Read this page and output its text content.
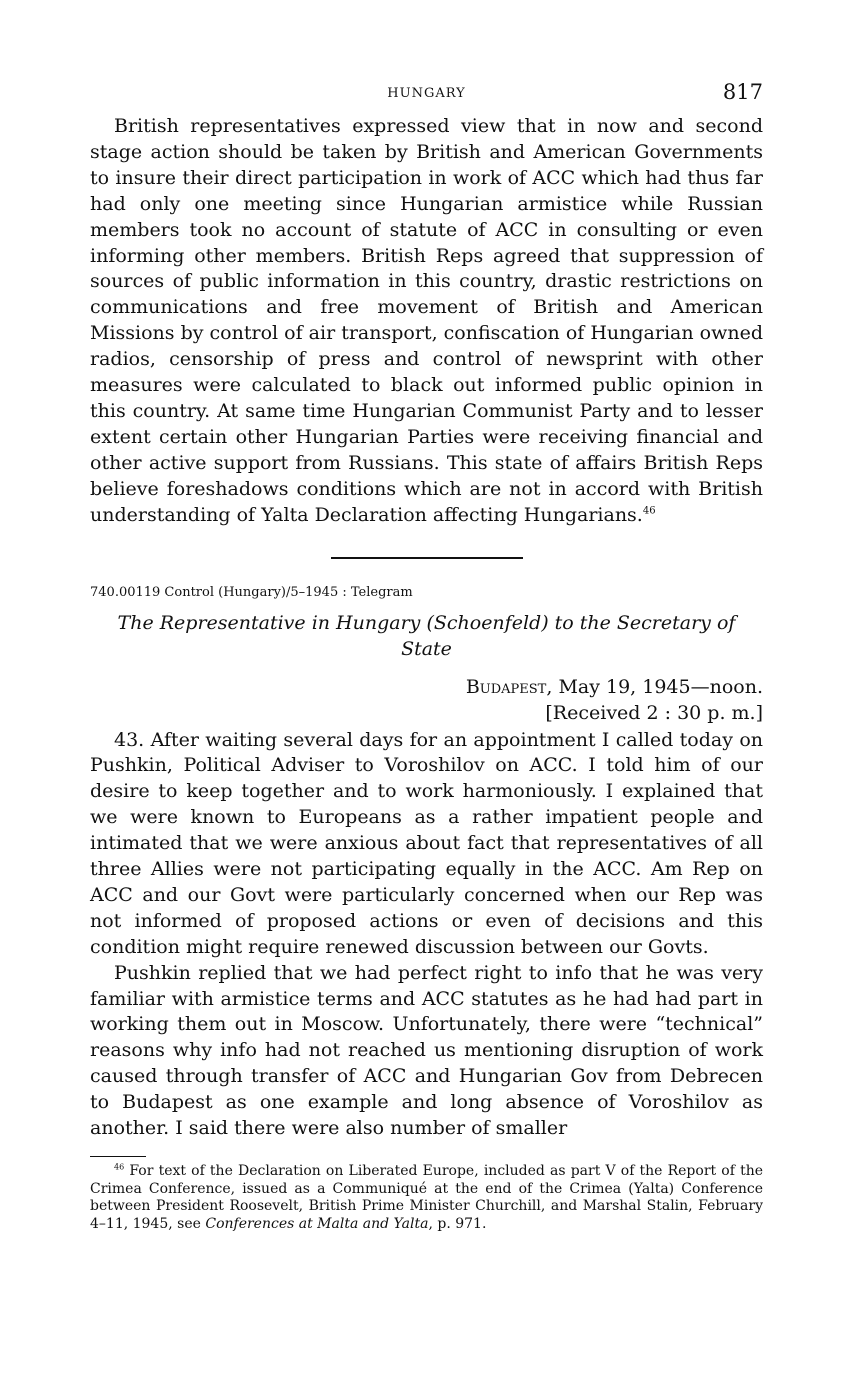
HUNGARY	817

British representatives expressed view that in now and second stage action should be taken by British and American Governments to insure their direct participation in work of ACC which had thus far had only one meeting since Hungarian armistice while Russian members took no account of statute of ACC in consulting or even informing other members. British Reps agreed that suppression of sources of public information in this country, drastic restrictions on communications and free movement of British and American Missions by control of air transport, confiscation of Hungarian owned radios, censorship of press and control of newsprint with other measures were calculated to black out informed public opinion in this country. At same time Hungarian Communist Party and to lesser extent certain other Hungarian Parties were receiving financial and other active support from Russians. This state of affairs British Reps believe foreshadows conditions which are not in accord with British understanding of Yalta Declaration affecting Hungarians.$^{46}$

740.00119 Control (Hungary)/5–1945 : Telegram
The Representative in Hungary (Schoenfeld) to the Secretary of State
Budapest, May 19, 1945—noon.
[Received 2 : 30 p. m.]

43. After waiting several days for an appointment I called today on Pushkin, Political Adviser to Voroshilov on ACC. I told him of our desire to keep together and to work harmoniously. I explained that we were known to Europeans as a rather impatient people and intimated that we were anxious about fact that representatives of all three Allies were not participating equally in the ACC. Am Rep on ACC and our Govt were particularly concerned when our Rep was not informed of proposed actions or even of decisions and this condition might require renewed discussion between our Govts.

Pushkin replied that we had perfect right to info that he was very familiar with armistice terms and ACC statutes as he had had part in working them out in Moscow. Unfortunately, there were “technical” reasons why info had not reached us mentioning disruption of work caused through transfer of ACC and Hungarian Gov from Debrecen to Budapest as one example and long absence of Voroshilov as another. I said there were also number of smaller

$^{46}$ For text of the Declaration on Liberated Europe, included as part V of the Report of the Crimea Conference, issued as a Communiqué at the end of the Crimea (Yalta) Conference between President Roosevelt, British Prime Minister Churchill, and Marshal Stalin, February 4–11, 1945, see Conferences at Malta and Yalta, p. 971.
